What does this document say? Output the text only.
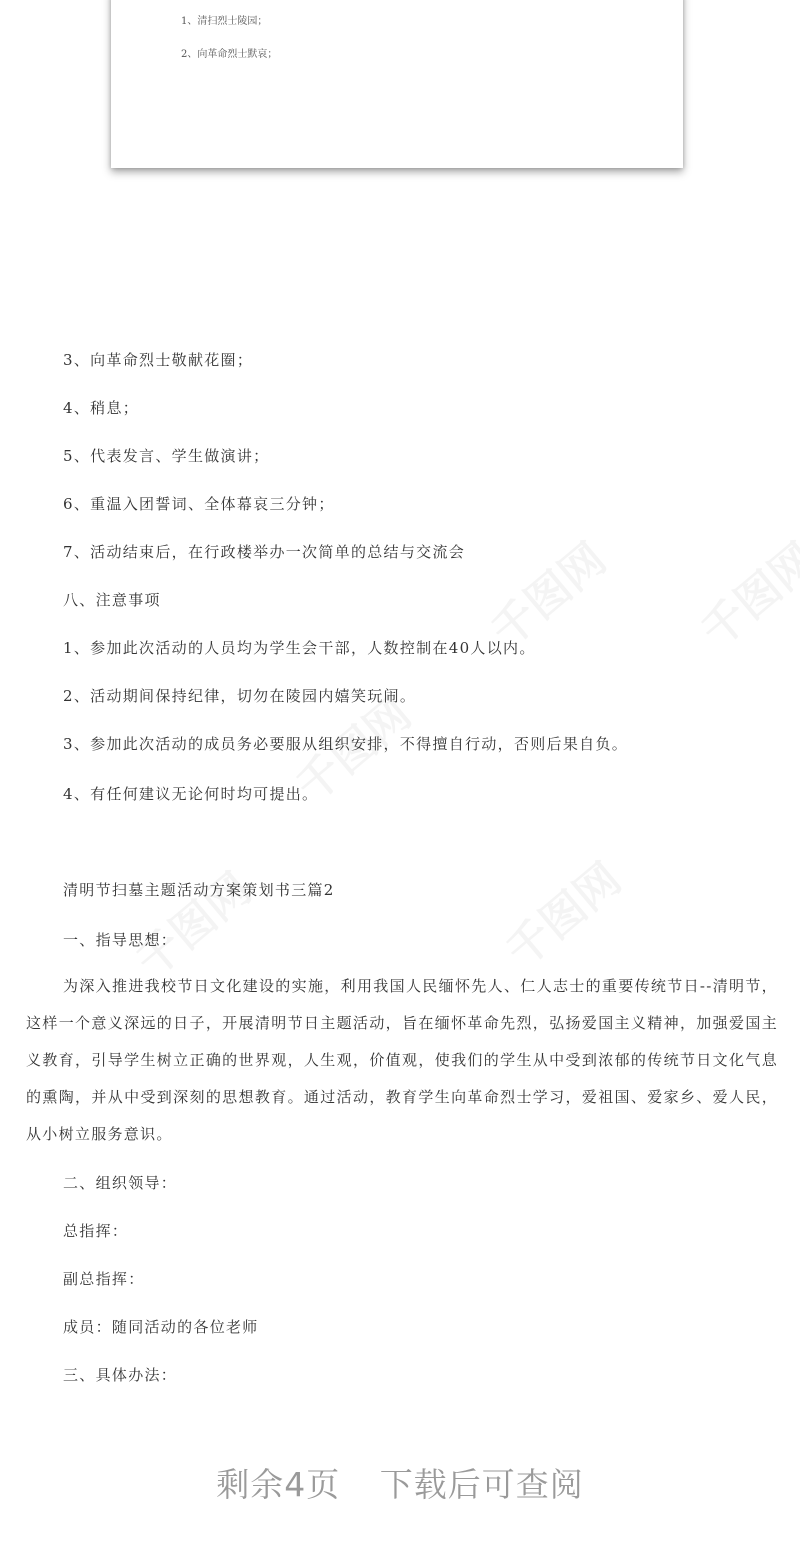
1、清扫烈士陵园；
2、向革命烈士默哀；
3、向革命烈士敬献花圈；
4、稍息；
5、代表发言、学生做演讲；
6、重温入团誓词、全体幕哀三分钟；
7、活动结束后，在行政楼举办一次简单的总结与交流会
八、注意事项
1、参加此次活动的人员均为学生会干部，人数控制在40人以内。
2、活动期间保持纪律，切勿在陵园内嬉笑玩闹。
3、参加此次活动的成员务必要服从组织安排，不得擅自行动，否则后果自负。
4、有任何建议无论何时均可提出。
清明节扫墓主题活动方案策划书三篇2
一、指导思想：
为深入推进我校节日文化建设的实施，利用我国人民缅怀先人、仁人志士的重要传统节日--清明节，这样一个意义深远的日子，开展清明节日主题活动，旨在缅怀革命先烈，弘扬爱国主义精神，加强爱国主义教育，引导学生树立正确的世界观，人生观，价值观，使我们的学生从中受到浓郁的传统节日文化气息的熏陶，并从中受到深刻的思想教育。通过活动，教育学生向革命烈士学习，爱祖国、爱家乡、爱人民，从小树立服务意识。
二、组织领导：
总指挥：
副总指挥：
成员：随同活动的各位老师
三、具体办法：
剩余4页 下载后可查阅
